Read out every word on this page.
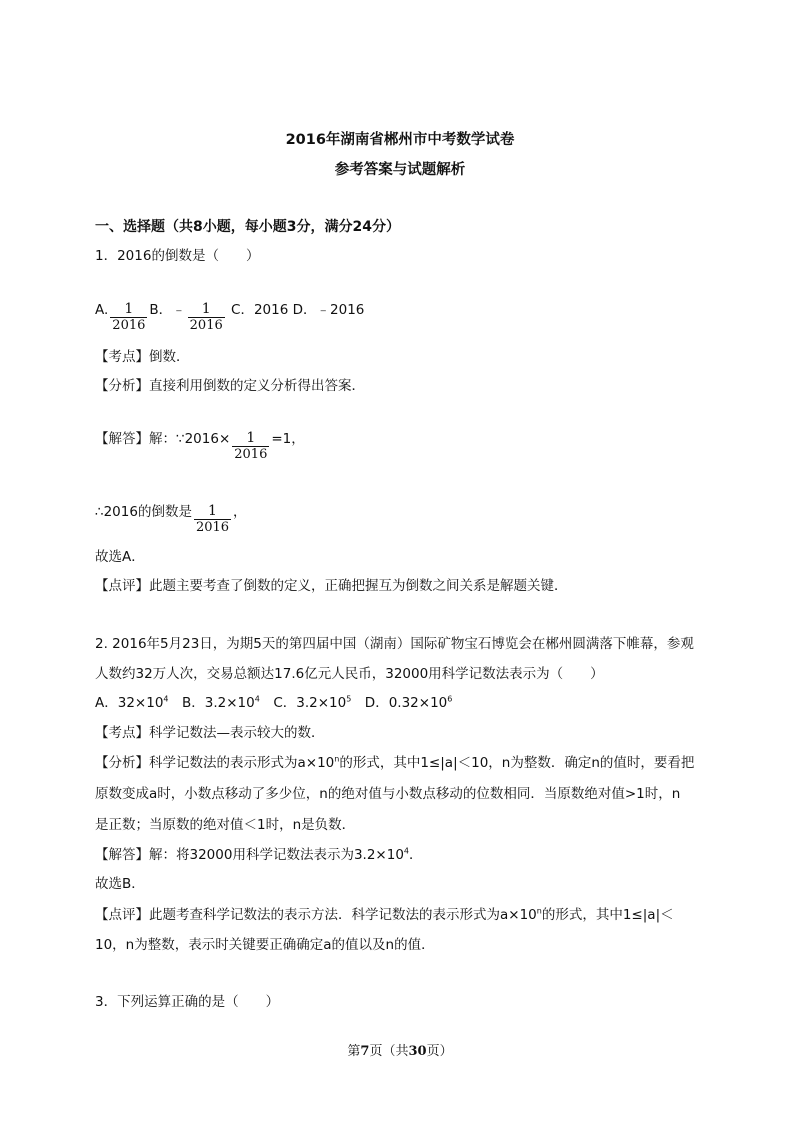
2016年湖南省郴州市中考数学试卷
参考答案与试题解析
一、选择题（共8小题，每小题3分，满分24分）
1．2016的倒数是（　　）
A. $\frac{1}{2016}$ B．﹣ $\frac{1}{2016}$ C．2016 D．﹣2016
【考点】倒数．
【分析】直接利用倒数的定义分析得出答案．
【解答】解：∵2016× $\frac{1}{2016} =1$，
∴2016的倒数是 $\frac{1}{2016}$ ，
故选A．
【点评】此题主要考查了倒数的定义，正确把握互为倒数之间关系是解题关键．
2. 2016年5月23日，为期5天的第四届中国（湖南）国际矿物宝石博览会在郴州圆满落下帷幕，参观
人数约32万人次，交易总额达17.6亿元人民币，32000用科学记数法表示为（　　）
A．$32\times 10^4$　B．$3.2\times 10^4$　C．$3.2\times 10^5$　D．$0.32\times 10^6$
【考点】科学记数法—表示较大的数．
【分析】科学记数法的表示形式为$a\times 10^n$的形式，其中1≤|a|＜10，n为整数．确定n的值时，要看把
原数变成a时，小数点移动了多少位，n的绝对值与小数点移动的位数相同．当原数绝对值>1时，n
是正数；当原数的绝对值＜1时，n是负数．
【解答】解：将32000用科学记数法表示为$3.2\times 10^4$．
故选B．
【点评】此题考查科学记数法的表示方法．科学记数法的表示形式为$a\times 10^n$的形式，其中1≤|a|＜
10，n为整数，表示时关键要正确确定a的值以及n的值．
3．下列运算正确的是（　　）
第7页（共30页）
